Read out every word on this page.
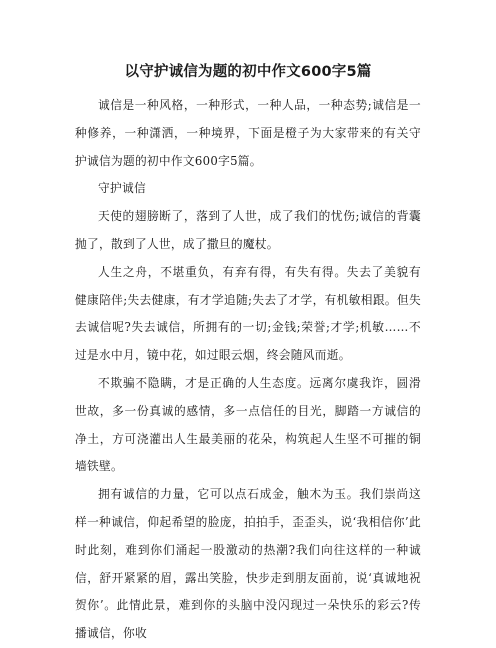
以守护诚信为题的初中作文600字5篇

诚信是一种风格，一种形式，一种人品，一种态势;诚信是一种修养，一种潇洒，一种境界，下面是橙子为大家带来的有关守护诚信为题的初中作文600字5篇。

守护诚信

天使的翅膀断了，落到了人世，成了我们的忧伤;诚信的背囊抛了，散到了人世，成了撒旦的魔杖。

人生之舟，不堪重负，有弃有得，有失有得。失去了美貌有健康陪伴;失去健康，有才学追随;失去了才学，有机敏相跟。但失去诚信呢?失去诚信，所拥有的一切;金钱;荣誉;才学;机敏……不过是水中月，镜中花，如过眼云烟，终会随风而逝。

不欺骗不隐瞒，才是正确的人生态度。远离尔虞我诈，圆滑世故，多一份真诚的感情，多一点信任的目光，脚踏一方诚信的净土，方可浇灌出人生最美丽的花朵，构筑起人生坚不可摧的铜墙铁壁。

拥有诚信的力量，它可以点石成金，触木为玉。我们崇尚这样一种诚信，仰起希望的脸庞，拍拍手，歪歪头，说‘我相信你’此时此刻，难到你们涌起一股激动的热潮?我们向往这样的一种诚信，舒开紧紧的眉，露出笑脸，快步走到朋友面前，说‘真诚地祝贺你’。此情此景，难到你的头脑中没闪现过一朵快乐的彩云?传播诚信，你收
